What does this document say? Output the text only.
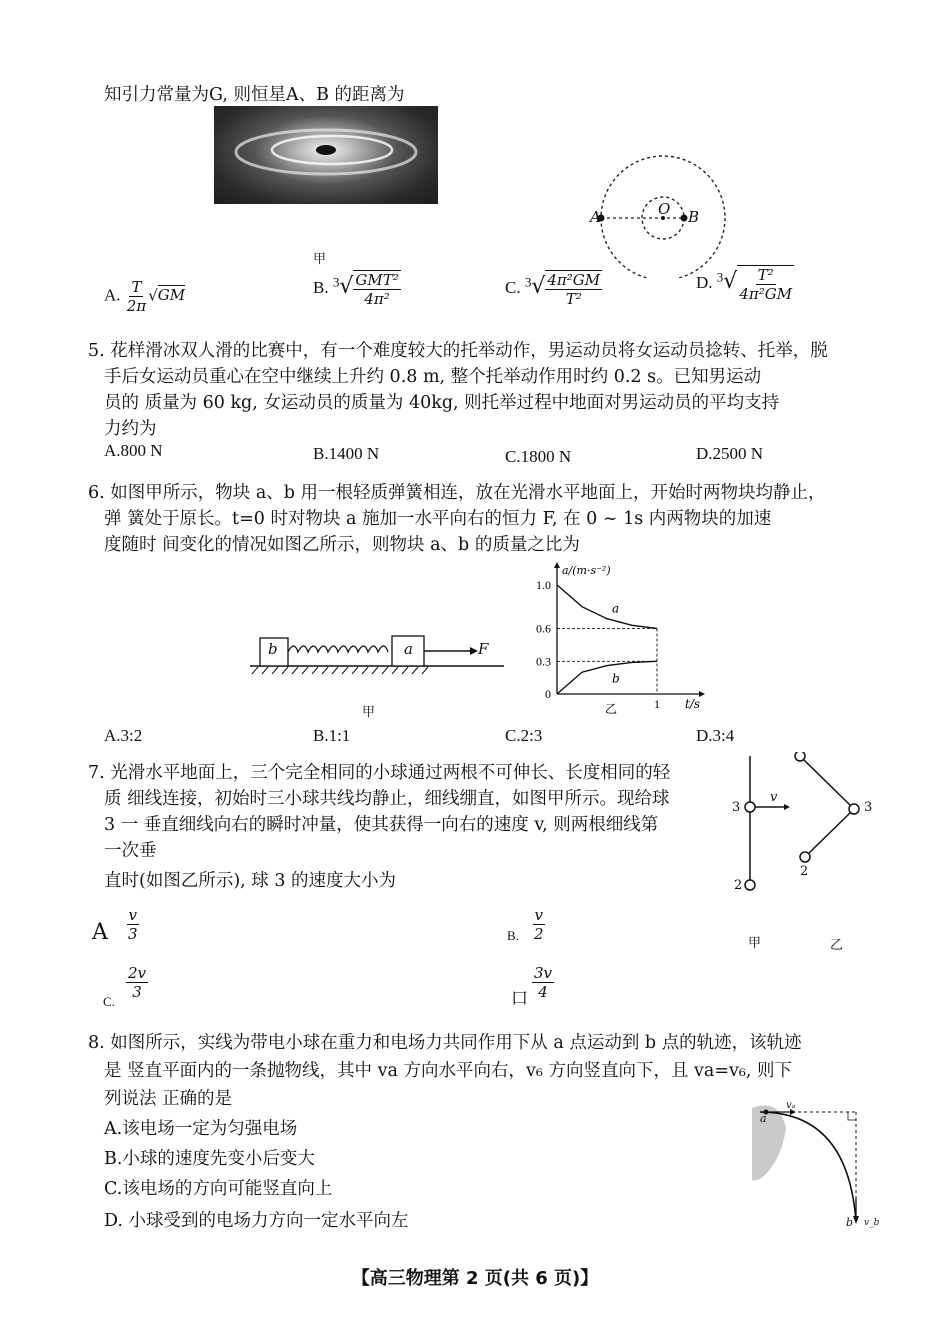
知引力常量为G, 则恒星A、B 的距离为
甲
A	O B
A. $\frac{T}{2\pi} √GM$	B. $^3√ \frac{\text{GMT²}}{\text{4π²}}$	C. $^3√ \frac{\text{4π²GM}}{\text{T²}}$	D. $^3√ \frac{\text{T²}}{\text{4π²GM}}$
5. 花样滑冰双人滑的比赛中，有一个难度较大的托举动作，男运动员将女运动员捻转、托举，脱
手后女运动员重心在空中继续上升约 0.8 m, 整个托举动作用时约 0.2 s。已知男运动
员的 质量为 60 kg, 女运动员的质量为 40kg, 则托举过程中地面对男运动员的平均支持
力约为
A.800 N	B.1400 N	C.1800 N	D.2500 N
6. 如图甲所示，物块 a、b 用一根轻质弹簧相连，放在光滑水平地面上，开始时两物块均静止，
弹 簧处于原长。t=0 时对物块 a 施加一水平向右的恒力 F, 在 0 ~ 1s 内两物块的加速
度随时 间变化的情况如图乙所示，则物块 a、b 的质量之比为
b	a	F
甲
a/(m·s⁻²)
t/s
1.0
0.6
0.3
0
1
a
b
乙
A.3:2	B.1:1	C.2:3	D.3:4
7. 光滑水平地面上，三个完全相同的小球通过两根不可伸长、长度相同的轻
质 细线连接，初始时三小球共线均静止，细线绷直，如图甲所示。现给球
3 一 垂直细线向右的瞬时冲量，使其获得一向右的速度 v, 则两根细线第
一次垂
直时(如图乙所示), 球 3 的速度大小为
3
2
v
3
2
甲	乙
A $\frac{v}{3}$	B. $\frac{v}{2}$
C.
$\frac{2v}{3}$	口 $\frac{3v}{4}$
8. 如图所示，实线为带电小球在重力和电场力共同作用下从 a 点运动到 b 点的轨迹，该轨迹
是 竖直平面内的一条抛物线，其中 va 方向水平向右，v₆ 方向竖直向下，且 va=v₆, 则下
列说法 正确的是
A.该电场一定为匀强电场
B.小球的速度先变小后变大
C.该电场的方向可能竖直向上
D. 小球受到的电场力方向一定水平向左
a
vₐ
b v_b
【高三物理第 2 页(共 6 页)】
